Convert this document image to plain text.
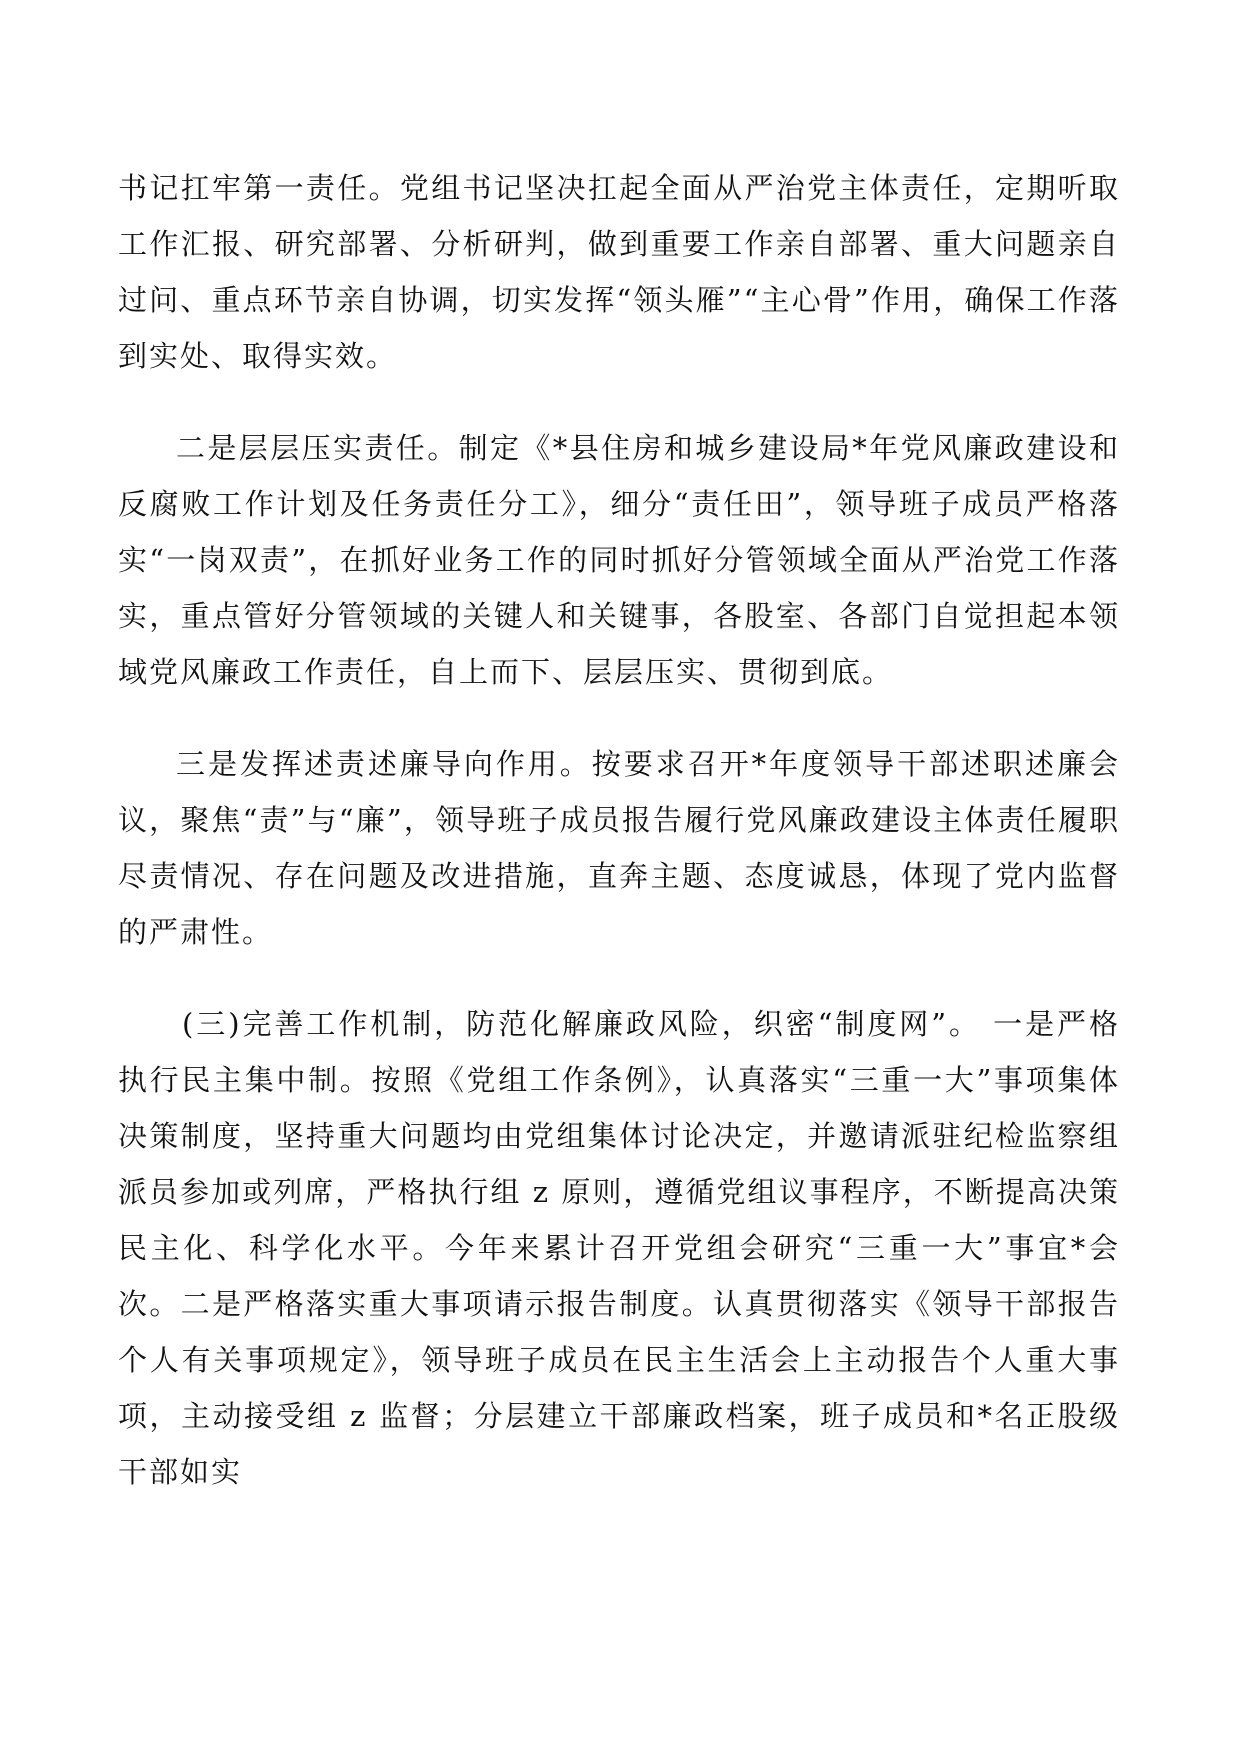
书记扛牢第一责任。党组书记坚决扛起全面从严治党主体责任，定期听取工作汇报、研究部署、分析研判，做到重要工作亲自部署、重大问题亲自过问、重点环节亲自协调，切实发挥“领头雁”“主心骨”作用，确保工作落到实处、取得实效。

二是层层压实责任。制定《*县住房和城乡建设局*年党风廉政建设和反腐败工作计划及任务责任分工》，细分“责任田”，领导班子成员严格落实“一岗双责”，在抓好业务工作的同时抓好分管领域全面从严治党工作落实，重点管好分管领域的关键人和关键事，各股室、各部门自觉担起本领域党风廉政工作责任，自上而下、层层压实、贯彻到底。

三是发挥述责述廉导向作用。按要求召开*年度领导干部述职述廉会议，聚焦“责”与“廉”，领导班子成员报告履行党风廉政建设主体责任履职尽责情况、存在问题及改进措施，直奔主题、态度诚恳，体现了党内监督的严肃性。

(三)完善工作机制，防范化解廉政风险，织密“制度网”。 一是严格执行民主集中制。按照《党组工作条例》，认真落实“三重一大”事项集体决策制度，坚持重大问题均由党组集体讨论决定，并邀请派驻纪检监察组派员参加或列席，严格执行组 z 原则，遵循党组议事程序，不断提高决策民主化、科学化水平。今年来累计召开党组会研究“三重一大”事宜*会次。二是严格落实重大事项请示报告制度。认真贯彻落实《领导干部报告个人有关事项规定》，领导班子成员在民主生活会上主动报告个人重大事项，主动接受组 z 监督；分层建立干部廉政档案，班子成员和*名正股级干部如实
